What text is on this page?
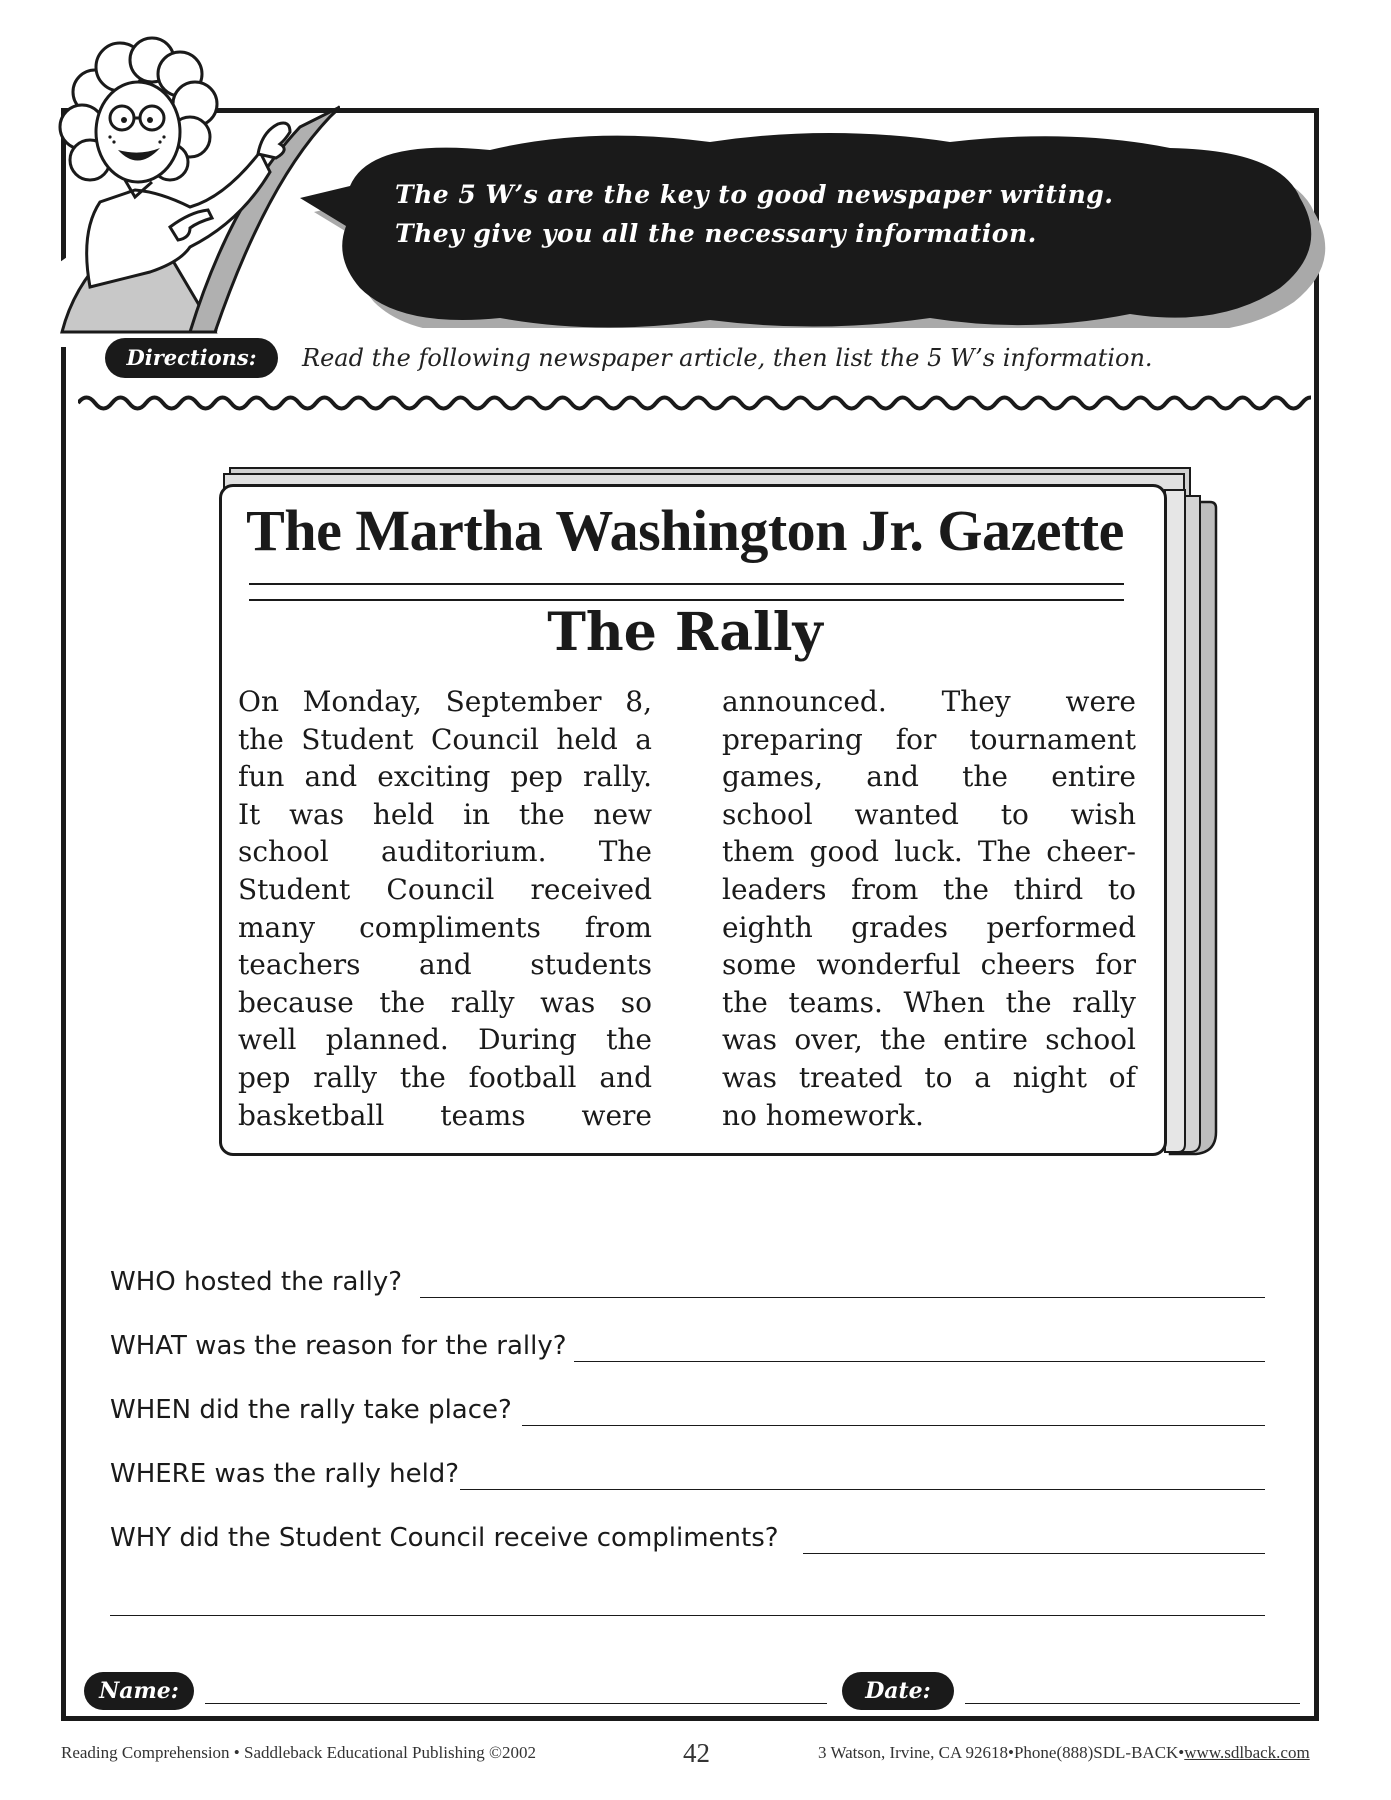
The 5 W’s are the key to good newspaper writing.
They give you all the necessary information.
Directions:	Read the following newspaper article, then list the 5 W’s information.
The Martha Washington Jr. Gazette
The Rally
On Monday, September 8,
the Student Council held a
fun and exciting pep rally.
It was held in the new
school auditorium. The
Student Council received
many compliments from
teachers and students
because the rally was so
well planned. During the
pep rally the football and
basketball teams were
announced. They were
preparing for tournament
games, and the entire
school wanted to wish
them good luck. The cheer-
leaders from the third to
eighth grades performed
some wonderful cheers for
the teams. When the rally
was over, the entire school
was treated to a night of
no homework.
WHO hosted the rally?
WHAT was the reason for the rally?
WHEN did the rally take place?
WHERE was the rally held?
WHY did the Student Council receive compliments?
Name:	Date:
Reading Comprehension • Saddleback Educational Publishing ©2002	42	3 Watson, Irvine, CA 92618•Phone(888)SDL-BACK•www.sdlback.com
